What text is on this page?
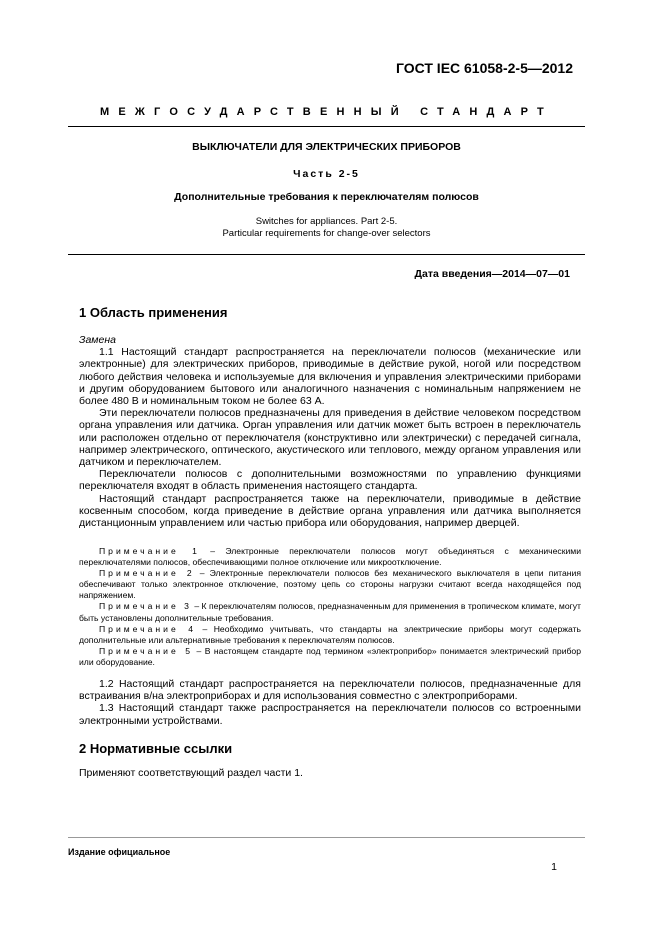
ГОСТ IEC 61058-2-5—2012
МЕЖГОСУДАРСТВЕННЫЙ СТАНДАРТ
ВЫКЛЮЧАТЕЛИ ДЛЯ ЭЛЕКТРИЧЕСКИХ ПРИБОРОВ
Часть 2-5
Дополнительные требования к переключателям полюсов
Switches for appliances. Part 2-5.
Particular requirements for change-over selectors
Дата введения—2014—07—01
1 Область применения

Замена

1.1 Настоящий стандарт распространяется на переключатели полюсов (механические или электронные) для электрических приборов, приводимые в действие рукой, ногой или посредством любого действия человека и используемые для включения и управления электрическими приборами и другим оборудованием бытового или аналогичного назначения с номинальным напряжением не более 480 В и номинальным током не более 63 А.

Эти переключатели полюсов предназначены для приведения в действие человеком посредством органа управления или датчика. Орган управления или датчик может быть встроен в переключатель или расположен отдельно от переключателя (конструктивно или электрически) с передачей сигнала, например электрического, оптического, акустического или теплового, между органом управления или датчиком и переключателем.

Переключатели полюсов с дополнительными возможностями по управлению функциями переключателя входят в область применения настоящего стандарта.

Настоящий стандарт распространяется также на переключатели, приводимые в действие косвенным способом, когда приведение в действие органа управления или датчика выполняется дистанционным управлением или частью прибора или оборудования, например дверцей.

Примечание 1 – Электронные переключатели полюсов могут объединяться с механическими переключателями полюсов, обеспечивающими полное отключение или микроотключение.

Примечание 2 – Электронные переключатели полюсов без механического выключателя в цепи питания обеспечивают только электронное отключение, поэтому цепь со стороны нагрузки считают всегда находящейся под напряжением.

Примечание 3 – К переключателям полюсов, предназначенным для применения в тропическом климате, могут быть установлены дополнительные требования.

Примечание 4 – Необходимо учитывать, что стандарты на электрические приборы могут содержать дополнительные или альтернативные требования к переключателям полюсов.

Примечание 5 – В настоящем стандарте под термином «электроприбор» понимается электрический прибор или оборудование.

1.2 Настоящий стандарт распространяется на переключатели полюсов, предназначенные для встраивания в/на электроприборах и для использования совместно с электроприборами.

1.3 Настоящий стандарт также распространяется на переключатели полюсов со встроенными электронными устройствами.

2 Нормативные ссылки

Применяют соответствующий раздел части 1.

Издание официальное
1
